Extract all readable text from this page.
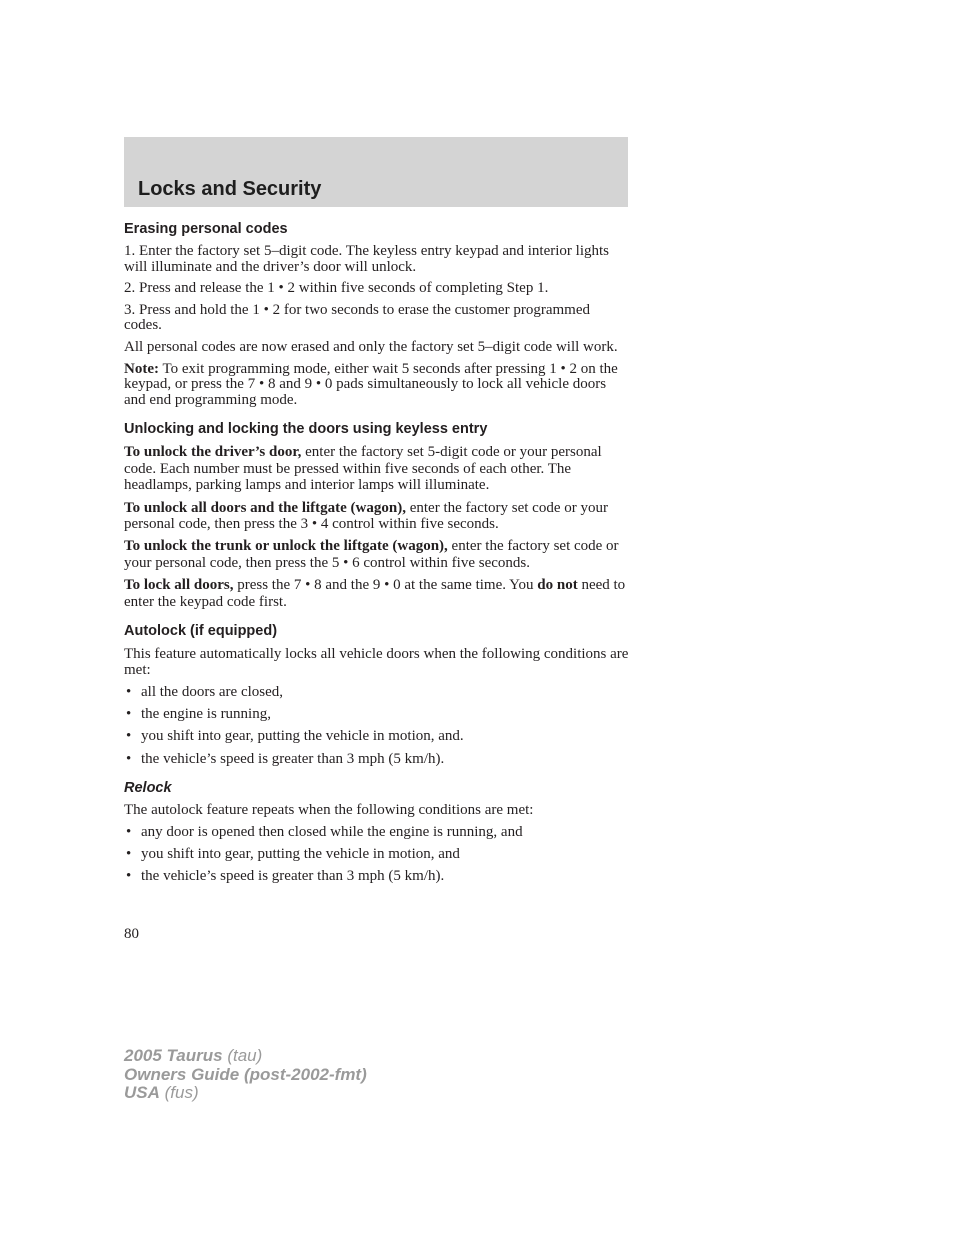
Locks and Security
Erasing personal codes

1. Enter the factory set 5–digit code. The keyless entry keypad and interior lights will illuminate and the driver’s door will unlock.

2. Press and release the 1 • 2 within five seconds of completing Step 1.

3. Press and hold the 1 • 2 for two seconds to erase the customer programmed codes.

All personal codes are now erased and only the factory set 5–digit code will work.

Note: To exit programming mode, either wait 5 seconds after pressing 1 • 2 on the keypad, or press the 7 • 8 and 9 • 0 pads simultaneously to lock all vehicle doors and end programming mode.

Unlocking and locking the doors using keyless entry

To unlock the driver’s door, enter the factory set 5-digit code or your personal code. Each number must be pressed within five seconds of each other. The headlamps, parking lamps and interior lamps will illuminate.

To unlock all doors and the liftgate (wagon), enter the factory set code or your personal code, then press the 3 • 4 control within five seconds.

To unlock the trunk or unlock the liftgate (wagon), enter the factory set code or your personal code, then press the 5 • 6 control within five seconds.

To lock all doors, press the 7 • 8 and the 9 • 0 at the same time. You do not need to enter the keypad code first.

Autolock (if equipped)

This feature automatically locks all vehicle doors when the following conditions are met:

• all the doors are closed,
• the engine is running,
• you shift into gear, putting the vehicle in motion, and.
• the vehicle’s speed is greater than 3 mph (5 km/h).
Relock

The autolock feature repeats when the following conditions are met:

• any door is opened then closed while the engine is running, and
• you shift into gear, putting the vehicle in motion, and
• the vehicle’s speed is greater than 3 mph (5 km/h).
80
2005 Taurus (tau)
Owners Guide (post-2002-fmt)
USA (fus)
